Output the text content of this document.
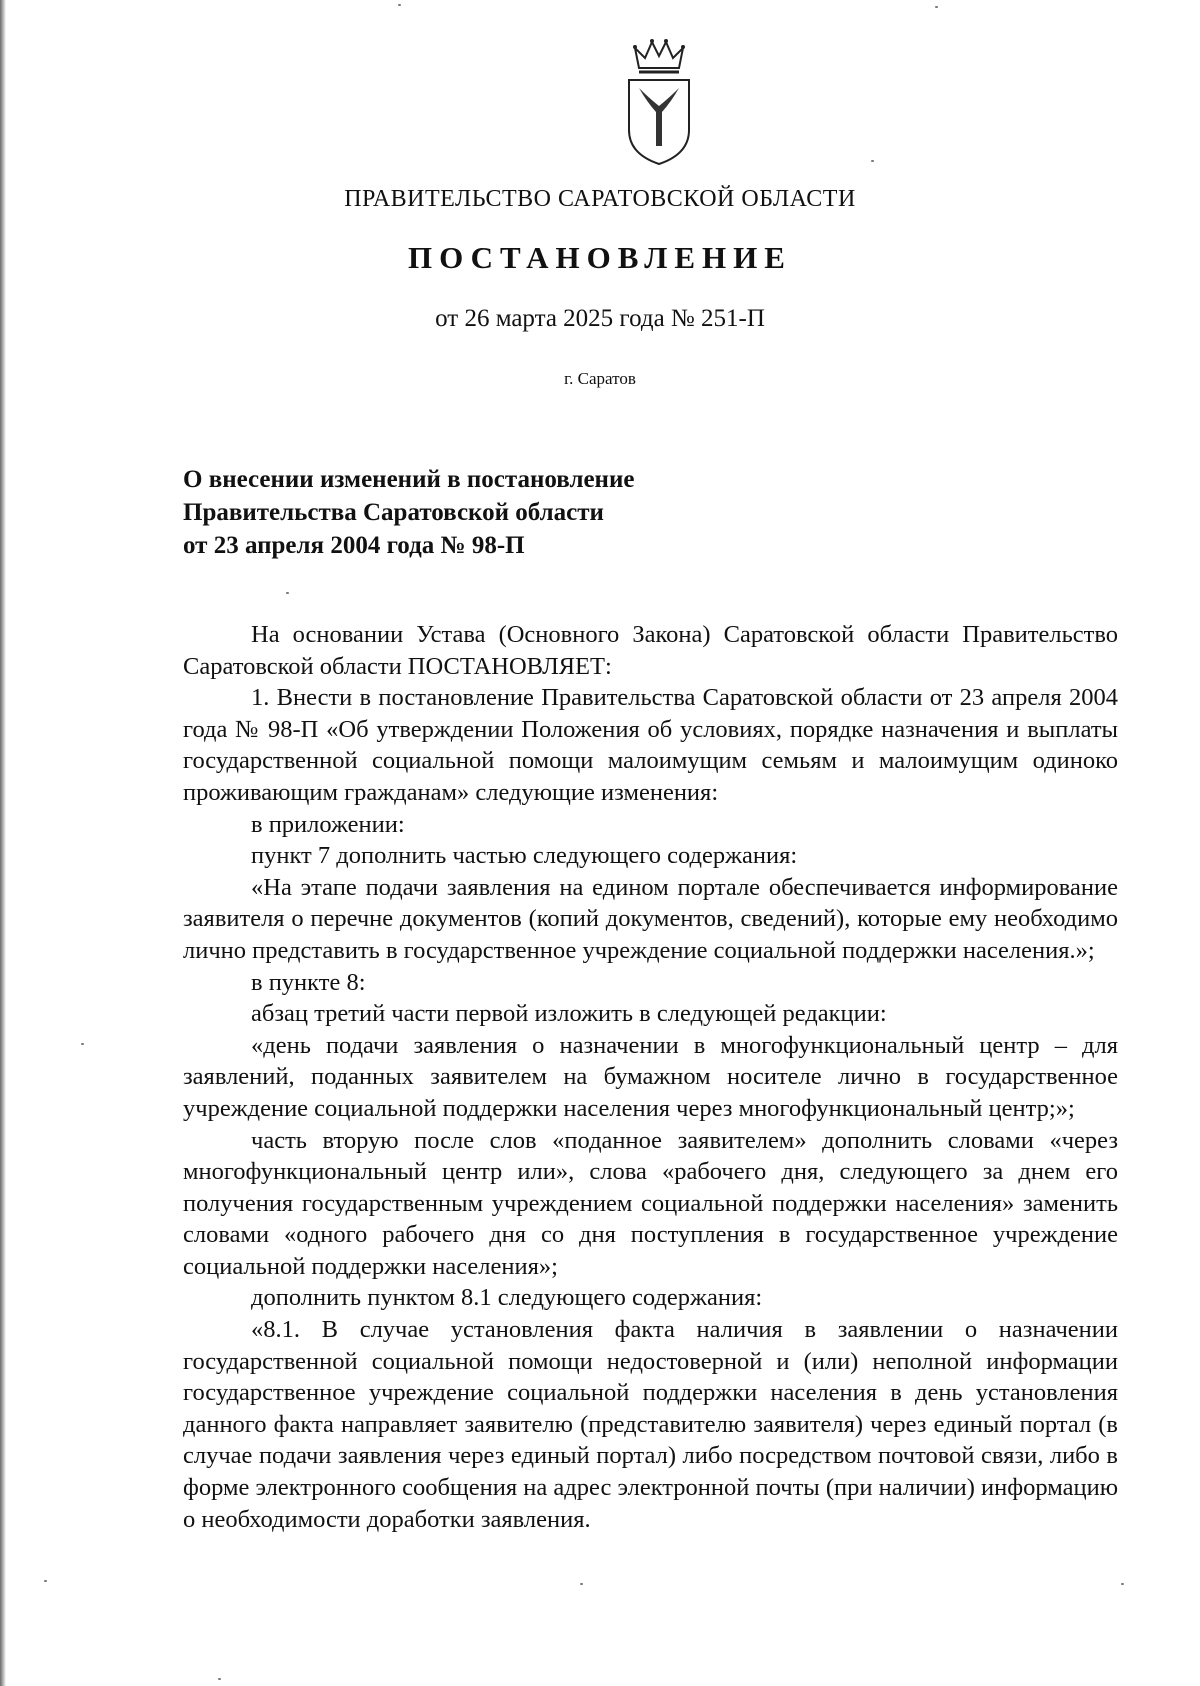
ПРАВИТЕЛЬСТВО САРАТОВСКОЙ ОБЛАСТИ
ПОСТАНОВЛЕНИЕ
от 26 марта 2025 года № 251-П
г. Саратов
О внесении изменений в постановление
Правительства Саратовской области
от 23 апреля 2004 года № 98-П

На основании Устава (Основного Закона) Саратовской области Правительство Саратовской области ПОСТАНОВЛЯЕТ:

1. Внести в постановление Правительства Саратовской области от 23 апреля 2004 года № 98-П «Об утверждении Положения об условиях, порядке назначения и выплаты государственной социальной помощи малоимущим семьям и малоимущим одиноко проживающим гражданам» следующие изменения:

в приложении:

пункт 7 дополнить частью следующего содержания:

«На этапе подачи заявления на едином портале обеспечивается информирование заявителя о перечне документов (копий документов, сведений), которые ему необходимо лично представить в государственное учреждение социальной поддержки населения.»;

в пункте 8:

абзац третий части первой изложить в следующей редакции:

«день подачи заявления о назначении в многофункциональный центр – для заявлений, поданных заявителем на бумажном носителе лично в государственное учреждение социальной поддержки населения через многофункциональный центр;»;

часть вторую после слов «поданное заявителем» дополнить словами «через многофункциональный центр или», слова «рабочего дня, следующего за днем его получения государственным учреждением социальной поддержки населения» заменить словами «одного рабочего дня со дня поступления в государственное учреждение социальной поддержки населения»;

дополнить пунктом 8.1 следующего содержания:

«8.1. В случае установления факта наличия в заявлении о назначении государственной социальной помощи недостоверной и (или) неполной информации государственное учреждение социальной поддержки населения в день установления данного факта направляет заявителю (представителю заявителя) через единый портал (в случае подачи заявления через единый портал) либо посредством почтовой связи, либо в форме электронного сообщения на адрес электронной почты (при наличии) информацию о необходимости доработки заявления.
